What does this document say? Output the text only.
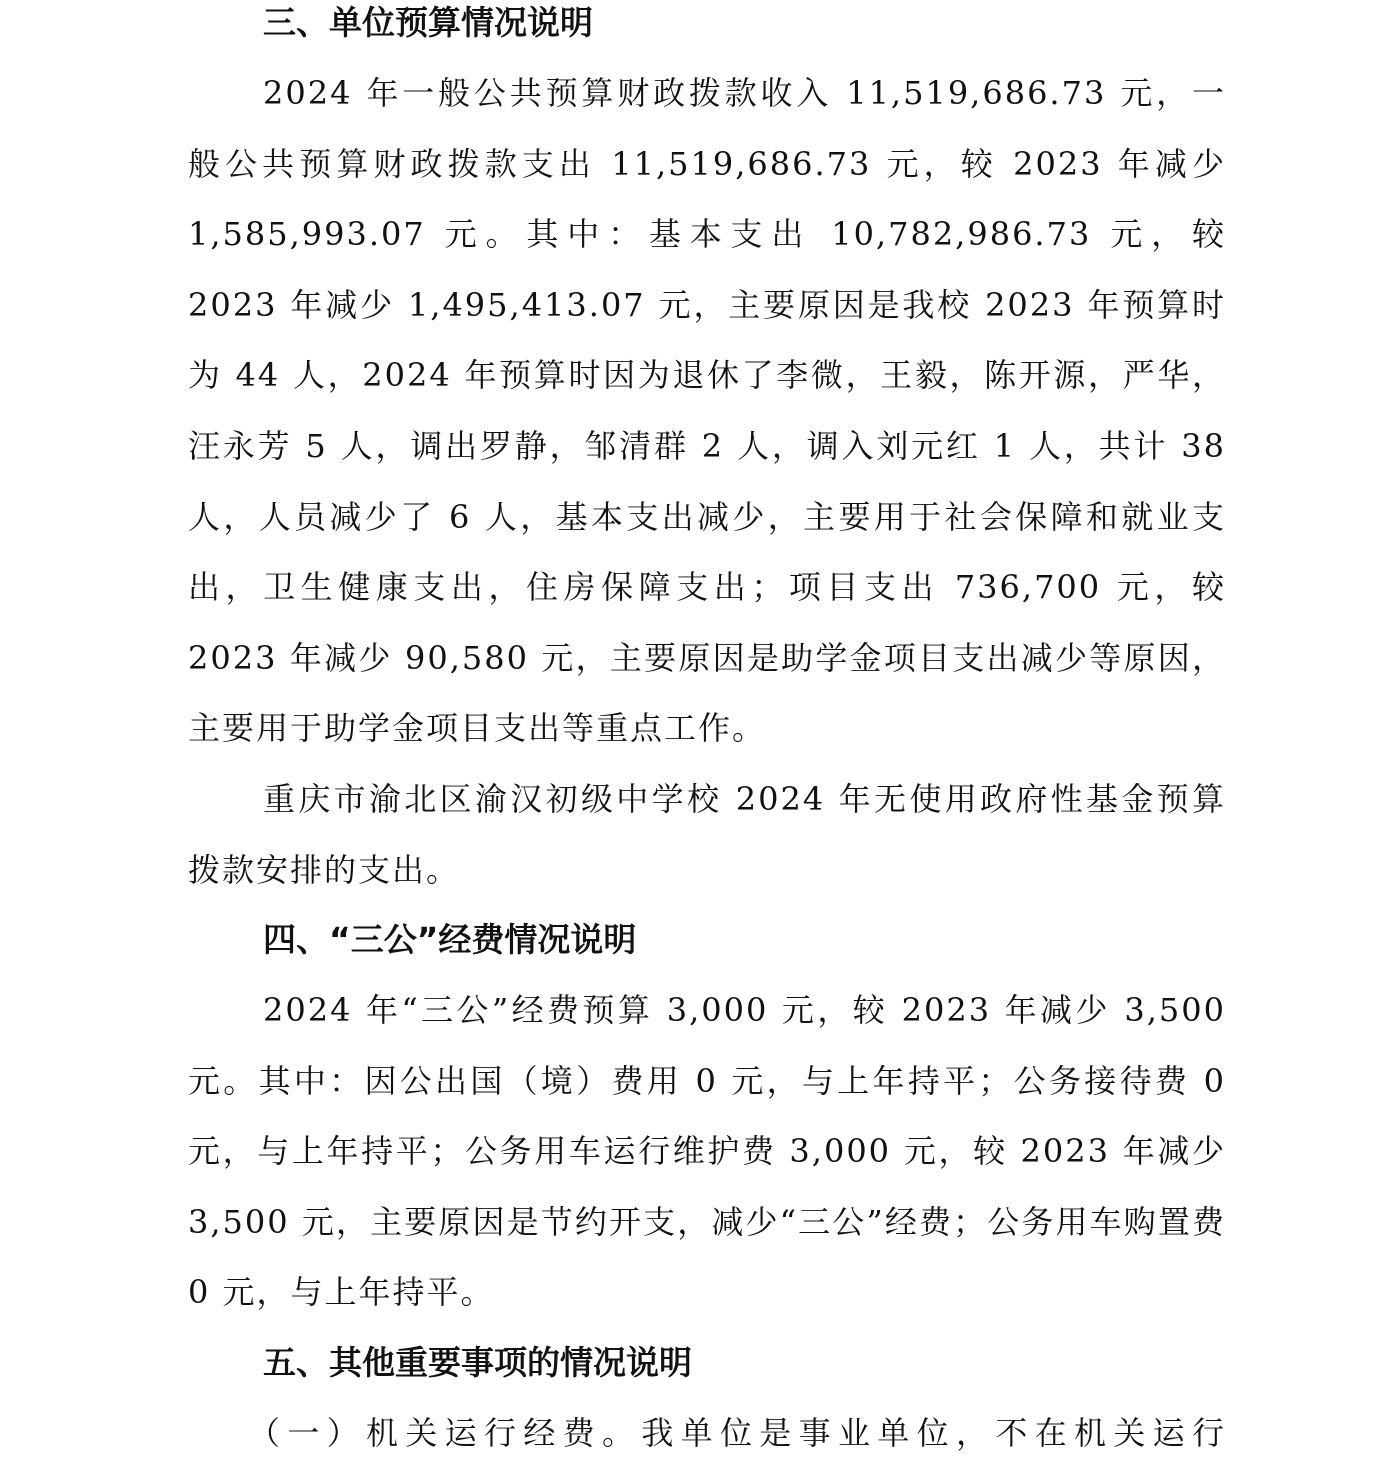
三、单位预算情况说明

2024 年一般公共预算财政拨款收入 11,519,686.73 元，一般公共预算财政拨款支出 11,519,686.73 元，较 2023 年减少 1,585,993.07 元。其中：基本支出 10,782,986.73 元，较 2023 年减少 1,495,413.07 元，主要原因是我校 2023 年预算时为 44 人，2024 年预算时因为退休了李微，王毅，陈开源，严华，汪永芳 5 人，调出罗静，邹清群 2 人，调入刘元红 1 人，共计 38 人，人员减少了 6 人，基本支出减少，主要用于社会保障和就业支出，卫生健康支出，住房保障支出；项目支出 736,700 元，较 2023 年减少 90,580 元，主要原因是助学金项目支出减少等原因，主要用于助学金项目支出等重点工作。

重庆市渝北区渝汉初级中学校 2024 年无使用政府性基金预算拨款安排的支出。

四、“三公”经费情况说明

2024 年“三公”经费预算 3,000 元，较 2023 年减少 3,500 元。其中：因公出国（境）费用 0 元，与上年持平；公务接待费 0 元，与上年持平；公务用车运行维护费 3,000 元，较 2023 年减少 3,500 元，主要原因是节约开支，减少“三公”经费；公务用车购置费 0 元，与上年持平。

五、其他重要事项的情况说明

（一）机关运行经费。我单位是事业单位，不在机关运行
